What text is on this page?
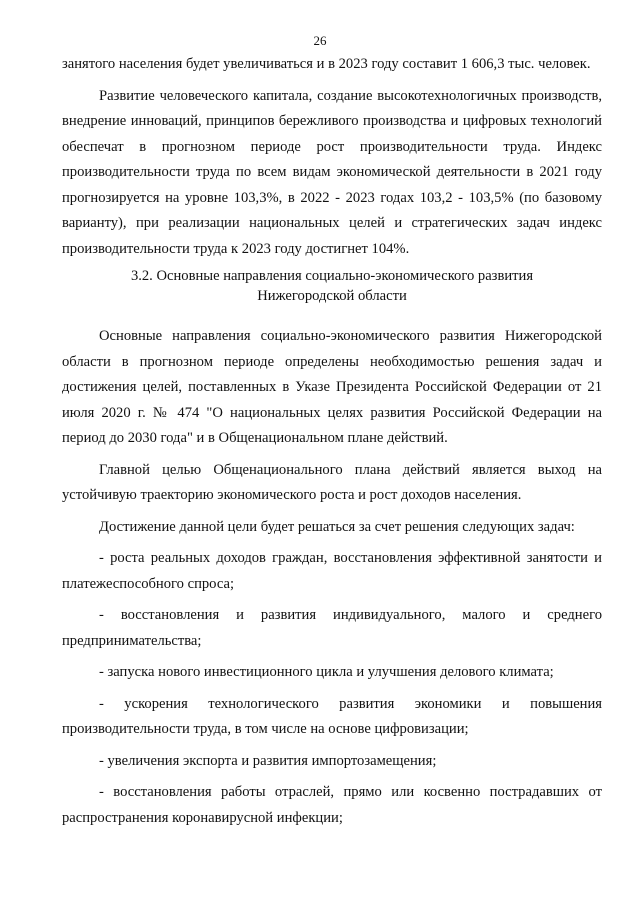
26

занятого населения будет увеличиваться и в 2023 году составит 1 606,3 тыс. человек.

Развитие человеческого капитала, создание высокотехнологичных производств, внедрение инноваций, принципов бережливого производства и цифровых технологий обеспечат в прогнозном периоде рост производительности труда. Индекс производительности труда по всем видам экономической деятельности в 2021 году прогнозируется на уровне 103,3%, в 2022 - 2023 годах 103,2 - 103,5% (по базовому варианту), при реализации национальных целей и стратегических задач индекс производительности труда к 2023 году достигнет 104%.

3.2. Основные направления социально-экономического развития
Нижегородской области

Основные направления социально-экономического развития Нижегородской области в прогнозном периоде определены необходимостью решения задач и достижения целей, поставленных в Указе Президента Российской Федерации от 21 июля 2020 г. № 474 "О национальных целях развития Российской Федерации на период до 2030 года" и в Общенациональном плане действий.

Главной целью Общенационального плана действий является выход на устойчивую траекторию экономического роста и рост доходов населения.

Достижение данной цели будет решаться за счет решения следующих задач:

- роста реальных доходов граждан, восстановления эффективной занятости и платежеспособного спроса;

- восстановления и развития индивидуального, малого и среднего предпринимательства;

- запуска нового инвестиционного цикла и улучшения делового климата;

- ускорения технологического развития экономики и повышения производительности труда, в том числе на основе цифровизации;

- увеличения экспорта и развития импортозамещения;

- восстановления работы отраслей, прямо или косвенно пострадавших от распространения коронавирусной инфекции;
